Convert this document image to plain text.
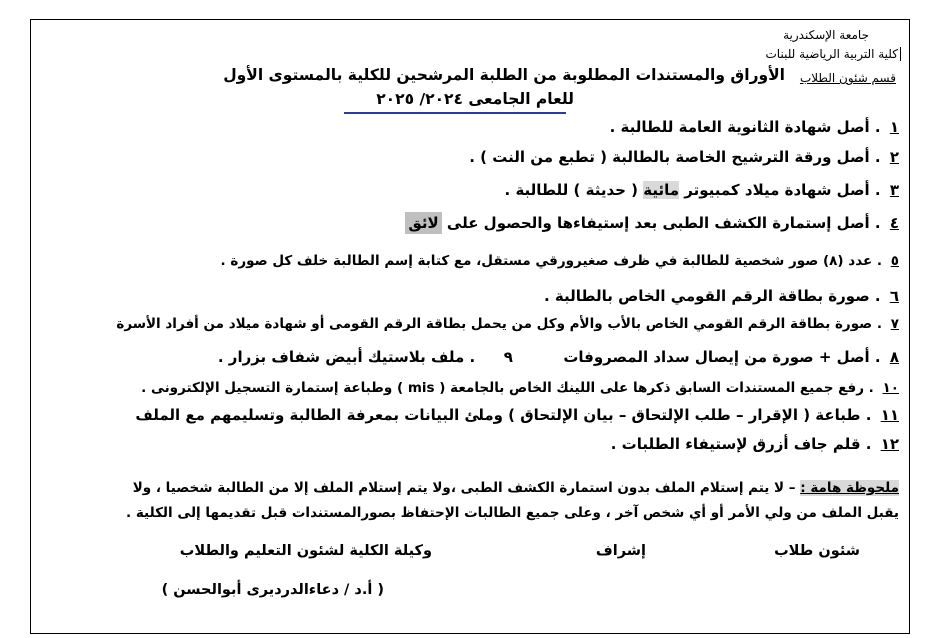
جامعة الإسكندرية
كلية التربية الرياضية للبنات
قسم شئون الطلاب
الأوراق والمستندات المطلوبة من الطلبة المرشحين للكلية بالمستوى الأول
للعام الجامعى ٢٠٢٤/ ٢٠٢٥
١ . أصل شهادة الثانوية العامة للطالبة .
٢ . أصل ورقة الترشيح الخاصة بالطالبة ( تطبع من النت ) .
٣ . أصل شهادة ميلاد كمبيوتر مائية ( حديثة ) للطالبة .
٤ . أصل إستمارة الكشف الطبى بعد إستيفاءها والحصول على لائق
٥ . عدد (٨) صور شخصية للطالبة في ظرف صغيرورقي مستقل، مع كتابة إسم الطالبة خلف كل صورة .
٦ . صورة بطاقة الرقم القومي الخاص بالطالبة .
٧ . صورة بطاقة الرقم القومي الخاص بالأب والأم وكل من يحمل بطاقة الرقم القومى أو شهادة ميلاد من أفراد الأسرة
٨ . أصل + صورة من إيصال سداد المصروفات  ٩  . ملف بلاستيك أبيض شفاف بزرار .
١٠ . رفع جميع المستندات السابق ذكرها على اللينك الخاص بالجامعة ( mis ) وطباعة إستمارة التسجيل الإلكترونى .
١١ . طباعة ( الإقرار – طلب الإلتحاق – بيان الإلتحاق ) وملئ البيانات بمعرفة الطالبة وتسليمهم مع الملف
١٢ . قلم جاف أزرق لإستيفاء الطلبات .
ملحوظة هامة : – لا يتم إستلام الملف بدون استمارة الكشف الطبى ،ولا يتم إستلام الملف إلا من الطالبة شخصيا ، ولا
يقبل الملف من ولي الأمر أو أي شخص آخر ، وعلى جميع الطالبات الإحتفاظ بصورالمستندات قبل تقديمها إلى الكلية .
شئون طلاب
إشراف
وكيلة الكلية لشئون التعليم والطلاب
( أ.د / دعاءالدرديرى أبوالحسن )
